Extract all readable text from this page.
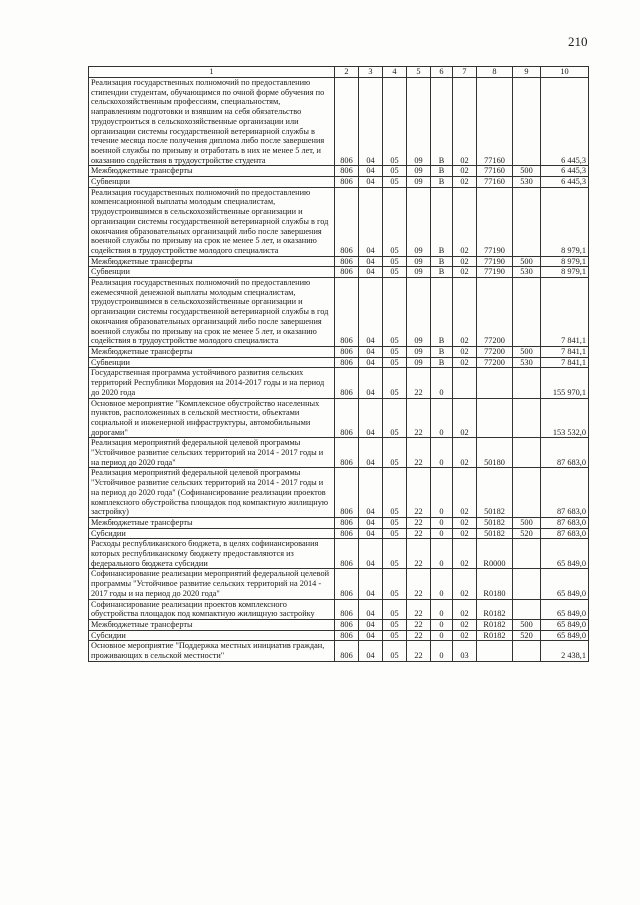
210
1	2	3	4	5	6	7	8	9	10
Реализация государственных полномочий по предоставлению стипендии студентам, обучающимся по очной форме обучения по сельскохозяйственным профессиям, специальностям, направлениям подготовки и взявшим на себя обязательство трудоустроиться в сельскохозяйственные организации или организации системы государственной ветеринарной службы в течение месяца после получения диплома либо после завершения военной службы по призыву и отработать в них не менее 5 лет, и оказанию содействия в трудоустройстве студента	806	04	05	09	В	02	77160		6 445,3
Межбюджетные трансферты	806	04	05	09	В	02	77160	500	6 445,3
Субвенции	806	04	05	09	В	02	77160	530	6 445,3
Реализация государственных полномочий по предоставлению компенсационной выплаты молодым специалистам, трудоустроившимся в сельскохозяйственные организации и организации системы государственной ветеринарной службы в год окончания образовательных организаций либо после завершения военной службы по призыву на срок не менее 5 лет, и оказанию содействия в трудоустройстве молодого специалиста	806	04	05	09	В	02	77190		8 979,1
Межбюджетные трансферты	806	04	05	09	В	02	77190	500	8 979,1
Субвенции	806	04	05	09	В	02	77190	530	8 979,1
Реализация государственных полномочий по предоставлению ежемесячной денежной выплаты молодым специалистам, трудоустроившимся в сельскохозяйственные организации и организации системы государственной ветеринарной службы в год окончания образовательных организаций либо после завершения военной службы по призыву на срок не менее 5 лет, и оказанию содействия в трудоустройстве молодого специалиста	806	04	05	09	В	02	77200		7 841,1
Межбюджетные трансферты	806	04	05	09	В	02	77200	500	7 841,1
Субвенции	806	04	05	09	В	02	77200	530	7 841,1
Государственная программа устойчивого развития сельских территорий Республики Мордовия на 2014-2017 годы и на период до 2020 года	806	04	05	22	0				155 970,1
Основное мероприятие "Комплексное обустройство населенных пунктов, расположенных в сельской местности, объектами социальной и инженерной инфраструктуры, автомобильными дорогами"	806	04	05	22	0	02			153 532,0
Реализация мероприятий федеральной целевой программы "Устойчивое развитие сельских территорий на 2014 - 2017 годы и на период до 2020 года"	806	04	05	22	0	02	50180		87 683,0
Реализация мероприятий федеральной целевой программы "Устойчивое развитие сельских территорий на 2014 - 2017 годы и на период до 2020 года" (Софинансирование реализации проектов комплексного обустройства площадок под компактную жилищную застройку)	806	04	05	22	0	02	50182		87 683,0
Межбюджетные трансферты	806	04	05	22	0	02	50182	500	87 683,0
Субсидии	806	04	05	22	0	02	50182	520	87 683,0
Расходы республиканского бюджета, в целях софинансирования которых республиканскому бюджету предоставляются из федерального бюджета субсидии	806	04	05	22	0	02	R0000		65 849,0
Софинансирование реализации мероприятий федеральной целевой программы "Устойчивое развитие сельских территорий на 2014 - 2017 годы и на период до 2020 года"	806	04	05	22	0	02	R0180		65 849,0
Софинансирование реализации проектов комплексного обустройства площадок под компактную жилищную застройку	806	04	05	22	0	02	R0182		65 849,0
Межбюджетные трансферты	806	04	05	22	0	02	R0182	500	65 849,0
Субсидии	806	04	05	22	0	02	R0182	520	65 849,0
Основное мероприятие "Поддержка местных инициатив граждан, проживающих в сельской местности"	806	04	05	22	0	03			2 438,1
